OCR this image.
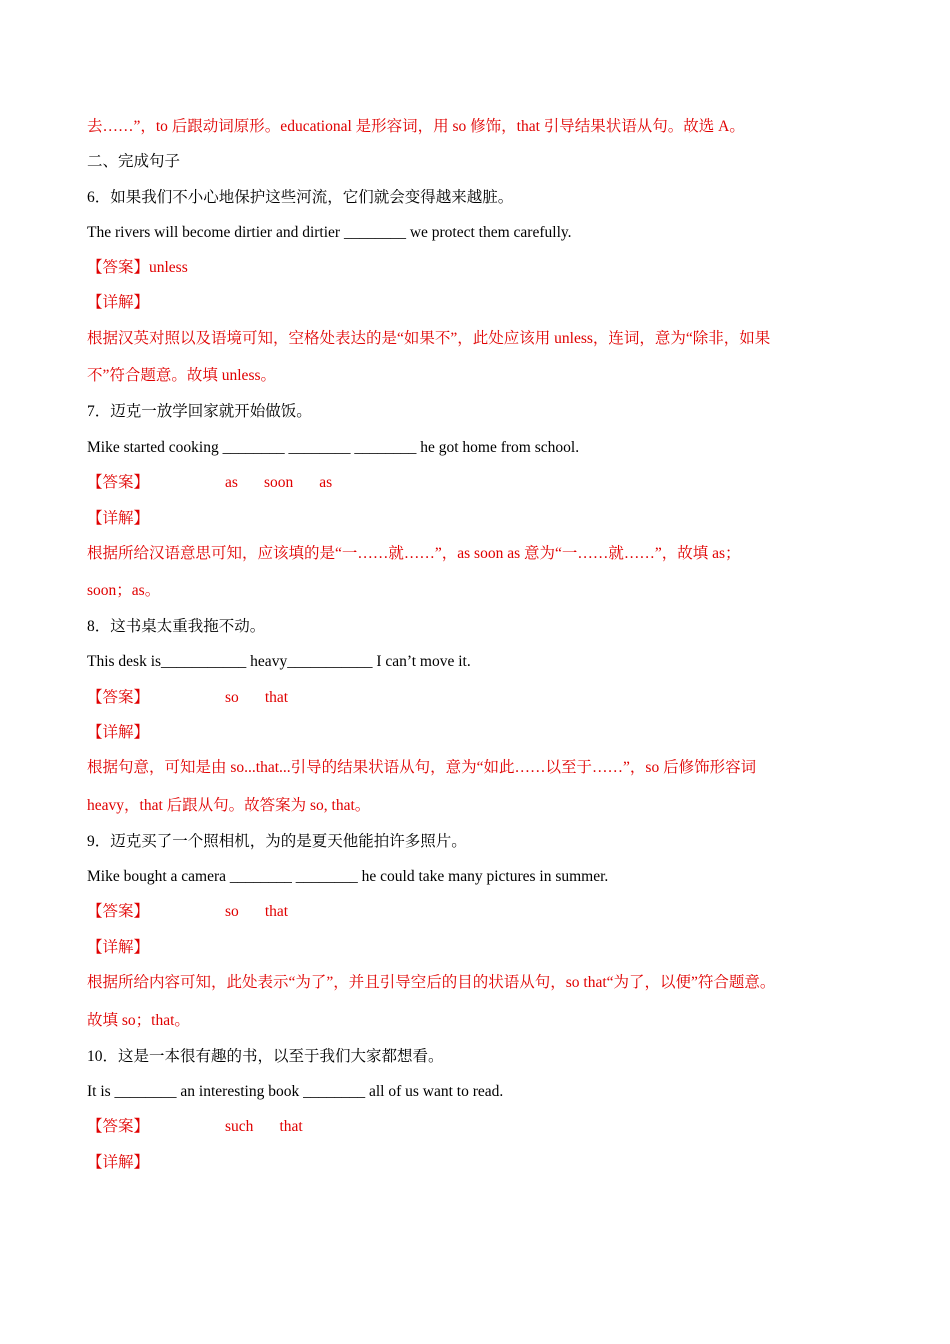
去……”，to 后跟动词原形。educational 是形容词，用 so 修饰，that 引导结果状语从句。故选 A。
二、完成句子
6．如果我们不小心地保护这些河流，它们就会变得越来越脏。
The rivers will become dirtier and dirtier ________ we protect them carefully.
【答案】unless
【详解】
根据汉英对照以及语境可知，空格处表达的是“如果不”，此处应该用 unless，连词，意为“除非，如果
不”符合题意。故填 unless。
7．迈克一放学回家就开始做饭。
Mike started cooking ________ ________ ________ he got home from school.
【答案】	as soon as
【详解】
根据所给汉语意思可知，应该填的是“一……就……”，as soon as 意为“一……就……”，故填 as；
soon；as。
8．这书桌太重我拖不动。
This desk is___________ heavy___________ I can’t move it.
【答案】	so that
【详解】
根据句意，可知是由 so...that...引导的结果状语从句，意为“如此……以至于……”，so 后修饰形容词
heavy，that 后跟从句。故答案为 so, that。
9．迈克买了一个照相机，为的是夏天他能拍许多照片。
Mike bought a camera ________ ________ he could take many pictures in summer.
【答案】	so that
【详解】
根据所给内容可知，此处表示“为了”，并且引导空后的目的状语从句，so that“为了，以便”符合题意。
故填 so；that。
10．这是一本很有趣的书，以至于我们大家都想看。
It is ________ an interesting book ________ all of us want to read.
【答案】	such that
【详解】
